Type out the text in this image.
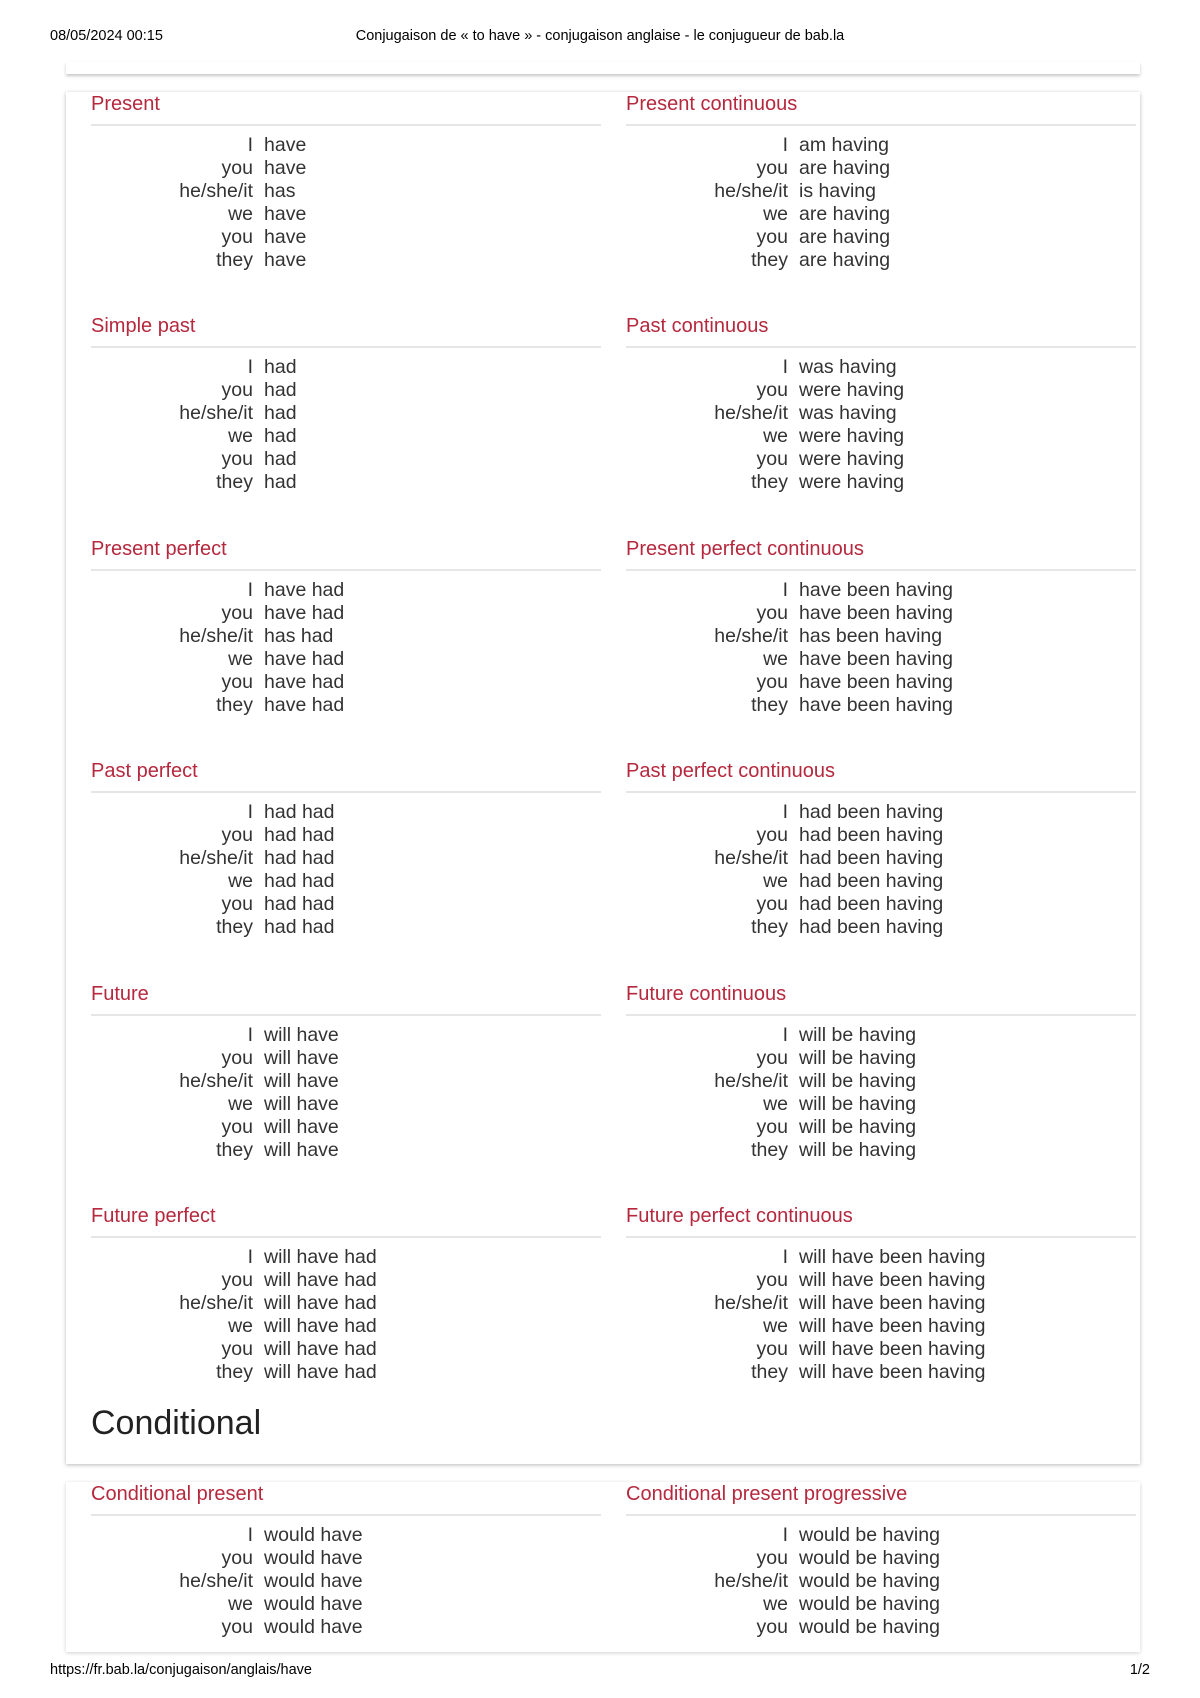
08/05/2024 00:15	Conjugaison de « to have » - conjugaison anglaise - le conjugueur de bab.la
Present
I have
you have
he/she/it has
we have
you have
they have
Present continuous
I am having
you are having
he/she/it is having
we are having
you are having
they are having
Simple past
I had
you had
he/she/it had
we had
you had
they had
Past continuous
I was having
you were having
he/she/it was having
we were having
you were having
they were having
Present perfect
I have had
you have had
he/she/it has had
we have had
you have had
they have had
Present perfect continuous
I have been having
you have been having
he/she/it has been having
we have been having
you have been having
they have been having
Past perfect
I had had
you had had
he/she/it had had
we had had
you had had
they had had
Past perfect continuous
I had been having
you had been having
he/she/it had been having
we had been having
you had been having
they had been having
Future
I will have
you will have
he/she/it will have
we will have
you will have
they will have
Future continuous
I will be having
you will be having
he/she/it will be having
we will be having
you will be having
they will be having
Future perfect
I will have had
you will have had
he/she/it will have had
we will have had
you will have had
they will have had
Future perfect continuous
I will have been having
you will have been having
he/she/it will have been having
we will have been having
you will have been having
they will have been having
Conditional
Conditional present
I would have
you would have
he/she/it would have
we would have
you would have
Conditional present progressive
I would be having
you would be having
he/she/it would be having
we would be having
you would be having
https://fr.bab.la/conjugaison/anglais/have	1/2
